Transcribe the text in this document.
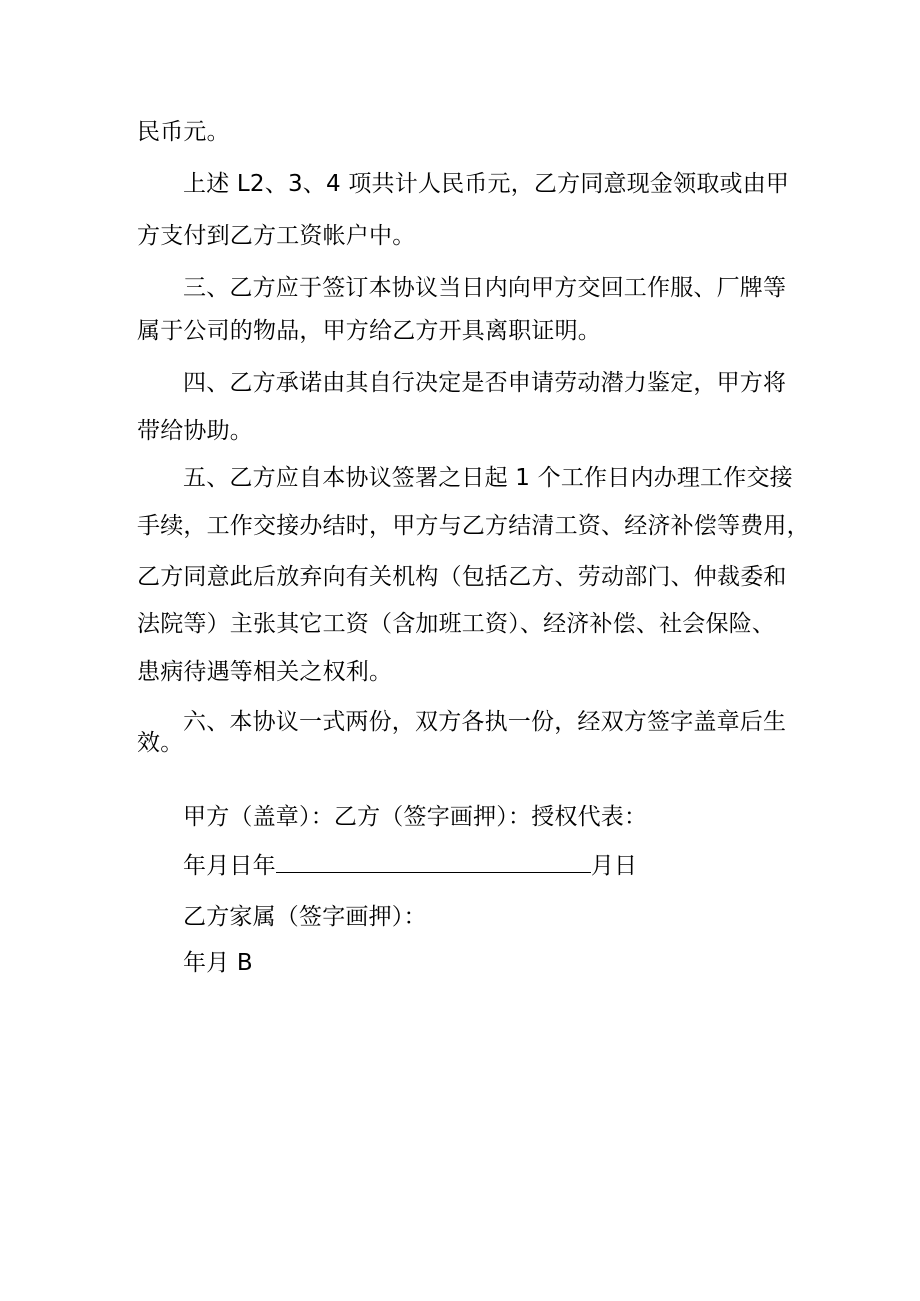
民币元。
上述 L2、3、4 项共计人民币元，乙方同意现金领取或由甲
方支付到乙方工资帐户中。
三、乙方应于签订本协议当日内向甲方交回工作服、厂牌等
属于公司的物品，甲方给乙方开具离职证明。
四、乙方承诺由其自行决定是否申请劳动潜力鉴定，甲方将
带给协助。
五、乙方应自本协议签署之日起 1 个工作日内办理工作交接
手续，工作交接办结时，甲方与乙方结清工资、经济补偿等费用，
乙方同意此后放弃向有关机构（包括乙方、劳动部门、仲裁委和
法院等）主张其它工资（含加班工资）、经济补偿、社会保险、
患病待遇等相关之权利。
六、本协议一式两份，双方各执一份，经双方签字盖章后生
效。
甲方（盖章）：乙方（签字画押）：授权代表：
年月日年	月日
乙方家属（签字画押）：
年月 B
